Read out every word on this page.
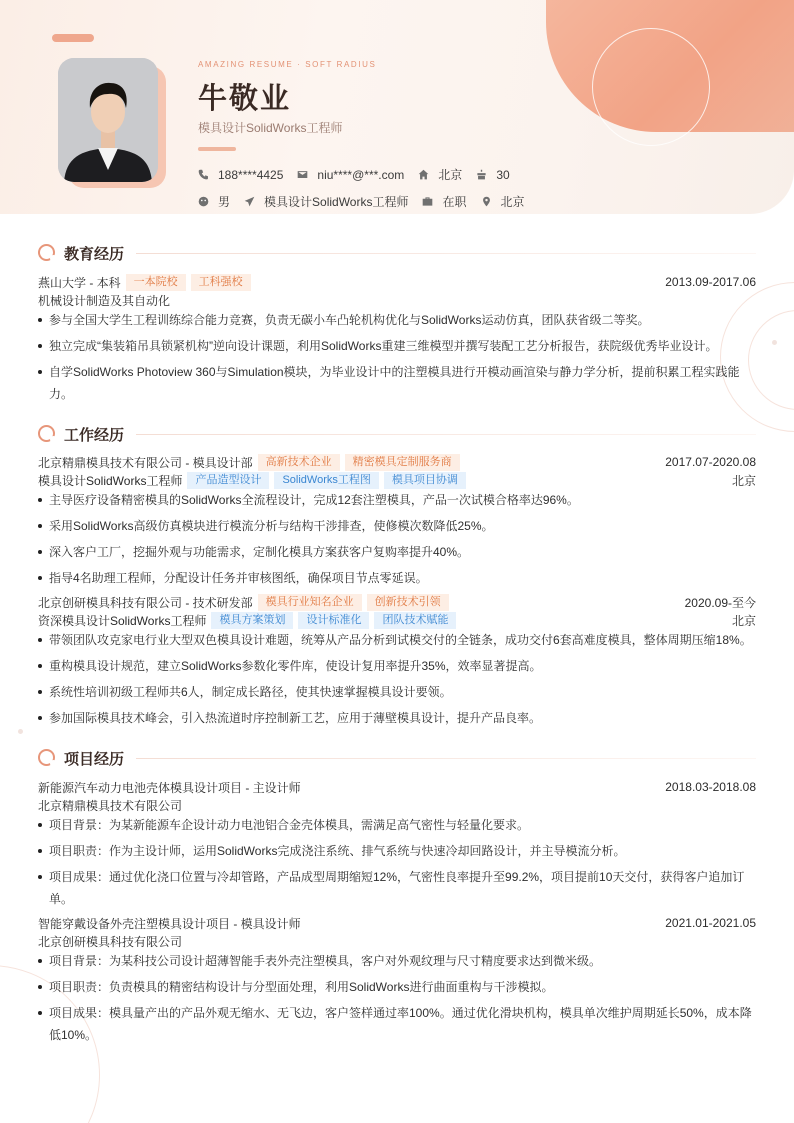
AMAZING RESUME · SOFT RADIUS
牛敬业
模具设计SolidWorks工程师
188****4425	niu****@***.com	北京	30
男	模具设计SolidWorks工程师	在职	北京
教育经历
燕山大学 - 本科	一本院校	工科强校	2013.09-2017.06
机械设计制造及其自动化
参与全国大学生工程训练综合能力竞赛，负责无碳小车凸轮机构优化与SolidWorks运动仿真，团队获省级二等奖。
独立完成“集装箱吊具锁紧机构”逆向设计课题，利用SolidWorks重建三维模型并撰写装配工艺分析报告，获院级优秀毕业设计。
自学SolidWorks Photoview 360与Simulation模块，为毕业设计中的注塑模具进行开模动画渲染与静力学分析，提前积累工程实践能力。
工作经历
北京精鼎模具技术有限公司 - 模具设计部	高新技术企业	精密模具定制服务商	2017.07-2020.08
模具设计SolidWorks工程师	产品造型设计	SolidWorks工程图	模具项目协调	北京
主导医疗设备精密模具的SolidWorks全流程设计，完成12套注塑模具，产品一次试模合格率达96%。
采用SolidWorks高级仿真模块进行模流分析与结构干涉排查，使修模次数降低25%。
深入客户工厂，挖掘外观与功能需求，定制化模具方案获客户复购率提升40%。
指导4名助理工程师，分配设计任务并审核图纸，确保项目节点零延误。
北京创研模具科技有限公司 - 技术研发部	模具行业知名企业	创新技术引领	2020.09-至今
资深模具设计SolidWorks工程师	模具方案策划	设计标准化	团队技术赋能	北京
带领团队攻克家电行业大型双色模具设计难题，统筹从产品分析到试模交付的全链条，成功交付6套高难度模具，整体周期压缩18%。
重构模具设计规范，建立SolidWorks参数化零件库，使设计复用率提升35%，效率显著提高。
系统性培训初级工程师共6人，制定成长路径，使其快速掌握模具设计要领。
参加国际模具技术峰会，引入热流道时序控制新工艺，应用于薄壁模具设计，提升产品良率。
项目经历
新能源汽车动力电池壳体模具设计项目 - 主设计师	2018.03-2018.08
北京精鼎模具技术有限公司
项目背景：为某新能源车企设计动力电池铝合金壳体模具，需满足高气密性与轻量化要求。
项目职责：作为主设计师，运用SolidWorks完成浇注系统、排气系统与快速冷却回路设计，并主导模流分析。
项目成果：通过优化浇口位置与冷却管路，产品成型周期缩短12%，气密性良率提升至99.2%，项目提前10天交付，获得客户追加订单。
智能穿戴设备外壳注塑模具设计项目 - 模具设计师	2021.01-2021.05
北京创研模具科技有限公司
项目背景：为某科技公司设计超薄智能手表外壳注塑模具，客户对外观纹理与尺寸精度要求达到微米级。
项目职责：负责模具的精密结构设计与分型面处理，利用SolidWorks进行曲面重构与干涉模拟。
项目成果：模具量产出的产品外观无缩水、无飞边，客户签样通过率100%。通过优化滑块机构，模具单次维护周期延长50%，成本降低10%。
